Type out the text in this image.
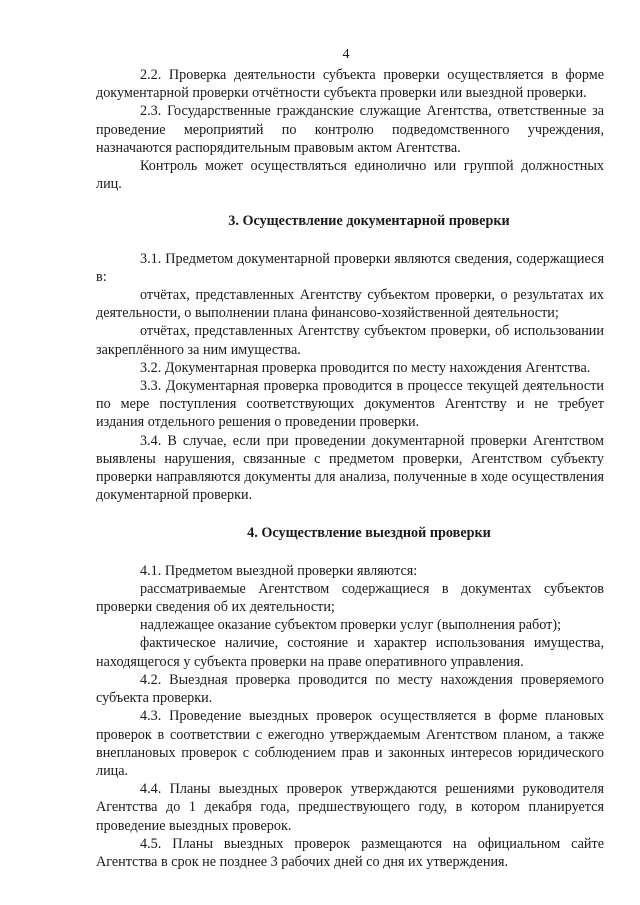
4

2.2. Проверка деятельности субъекта проверки осуществляется в форме документарной проверки отчётности субъекта проверки или выездной проверки.

2.3. Государственные гражданские служащие Агентства, ответственные за проведение мероприятий по контролю подведомственного учреждения, назначаются распорядительным правовым актом Агентства.

Контроль может осуществляться единолично или группой должностных лиц.

3. Осуществление документарной проверки

3.1. Предметом документарной проверки являются сведения, содержащиеся в:

отчётах, представленных Агентству субъектом проверки, о результатах их деятельности, о выполнении плана финансово-хозяйственной деятельности;

отчётах, представленных Агентству субъектом проверки, об использовании закреплённого за ним имущества.

3.2. Документарная проверка проводится по месту нахождения Агентства.

3.3. Документарная проверка проводится в процессе текущей деятельности по мере поступления соответствующих документов Агентству и не требует издания отдельного решения о проведении проверки.

3.4. В случае, если при проведении документарной проверки Агентством выявлены нарушения, связанные с предметом проверки, Агентством субъекту проверки направляются документы для анализа, полученные в ходе осуществления документарной проверки.

4. Осуществление выездной проверки

4.1. Предметом выездной проверки являются:

рассматриваемые Агентством содержащиеся в документах субъектов проверки сведения об их деятельности;

надлежащее оказание субъектом проверки услуг (выполнения работ);

фактическое наличие, состояние и характер использования имущества, находящегося у субъекта проверки на праве оперативного управления.

4.2. Выездная проверка проводится по месту нахождения проверяемого субъекта проверки.

4.3. Проведение выездных проверок осуществляется в форме плановых проверок в соответствии с ежегодно утверждаемым Агентством планом, а также внеплановых проверок с соблюдением прав и законных интересов юридического лица.

4.4. Планы выездных проверок утверждаются решениями руководителя Агентства до 1 декабря года, предшествующего году, в котором планируется проведение выездных проверок.

4.5. Планы выездных проверок размещаются на официальном сайте Агентства в срок не позднее 3 рабочих дней со дня их утверждения.
